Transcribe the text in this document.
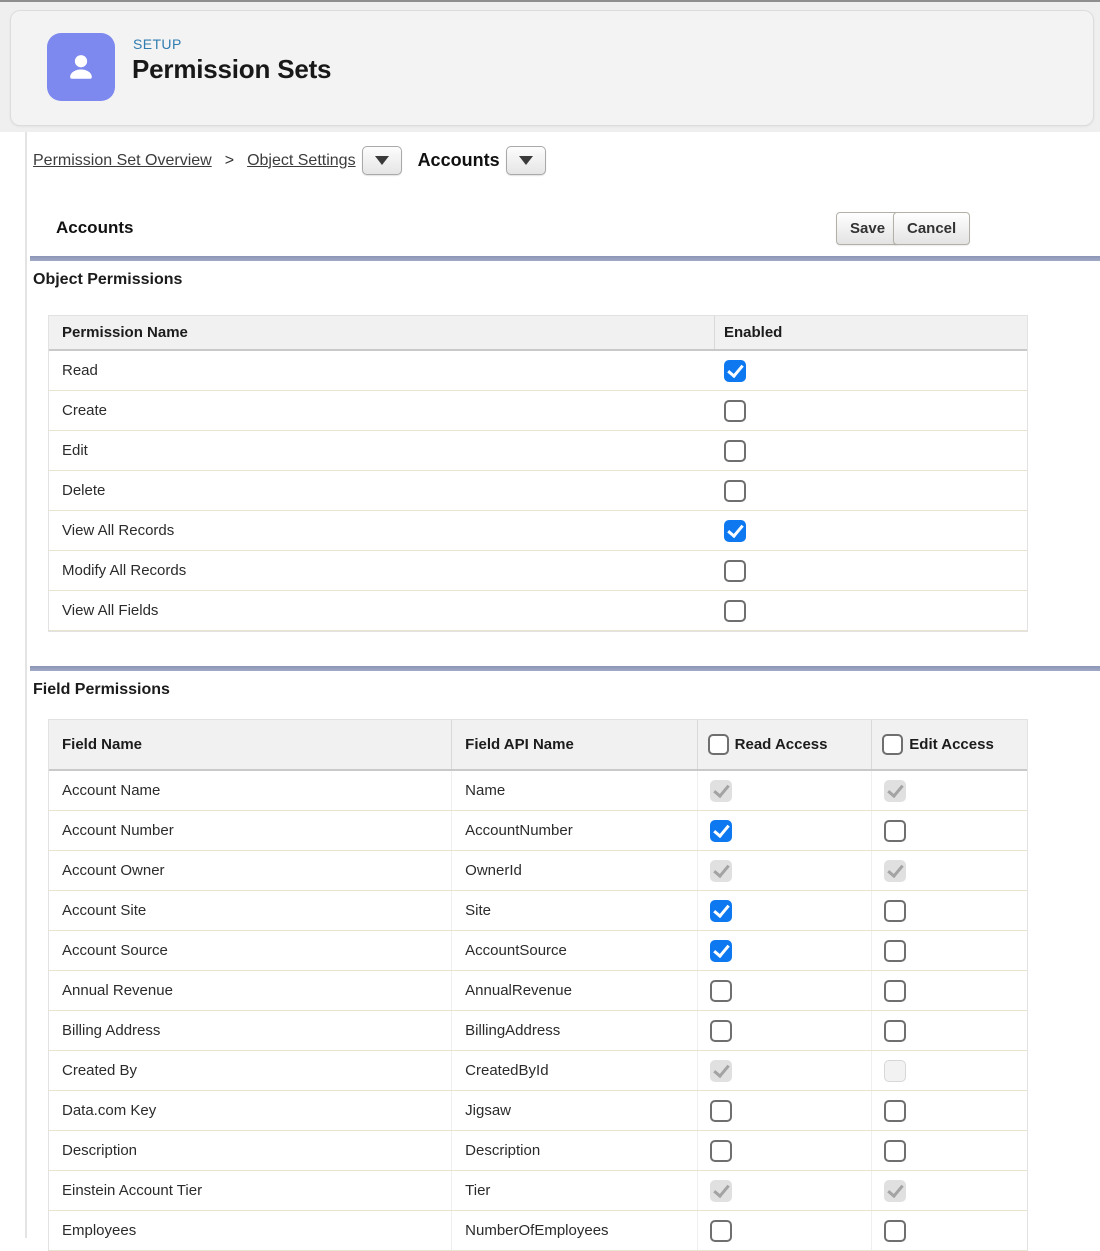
SETUP
Permission Sets
Permission Set Overview > Object Settings	Accounts
Accounts	Save	Cancel
Object Permissions
Permission Name	Enabled
Read
Create
Edit
Delete
View All Records
Modify All Records
View All Fields
Field Permissions
Field Name	Field API Name	Read Access	Edit Access
Account Name	Name
Account Number	AccountNumber
Account Owner	OwnerId
Account Site	Site
Account Source	AccountSource
Annual Revenue	AnnualRevenue
Billing Address	BillingAddress
Created By	CreatedById
Data.com Key	Jigsaw
Description	Description
Einstein Account Tier	Tier
Employees	NumberOfEmployees
